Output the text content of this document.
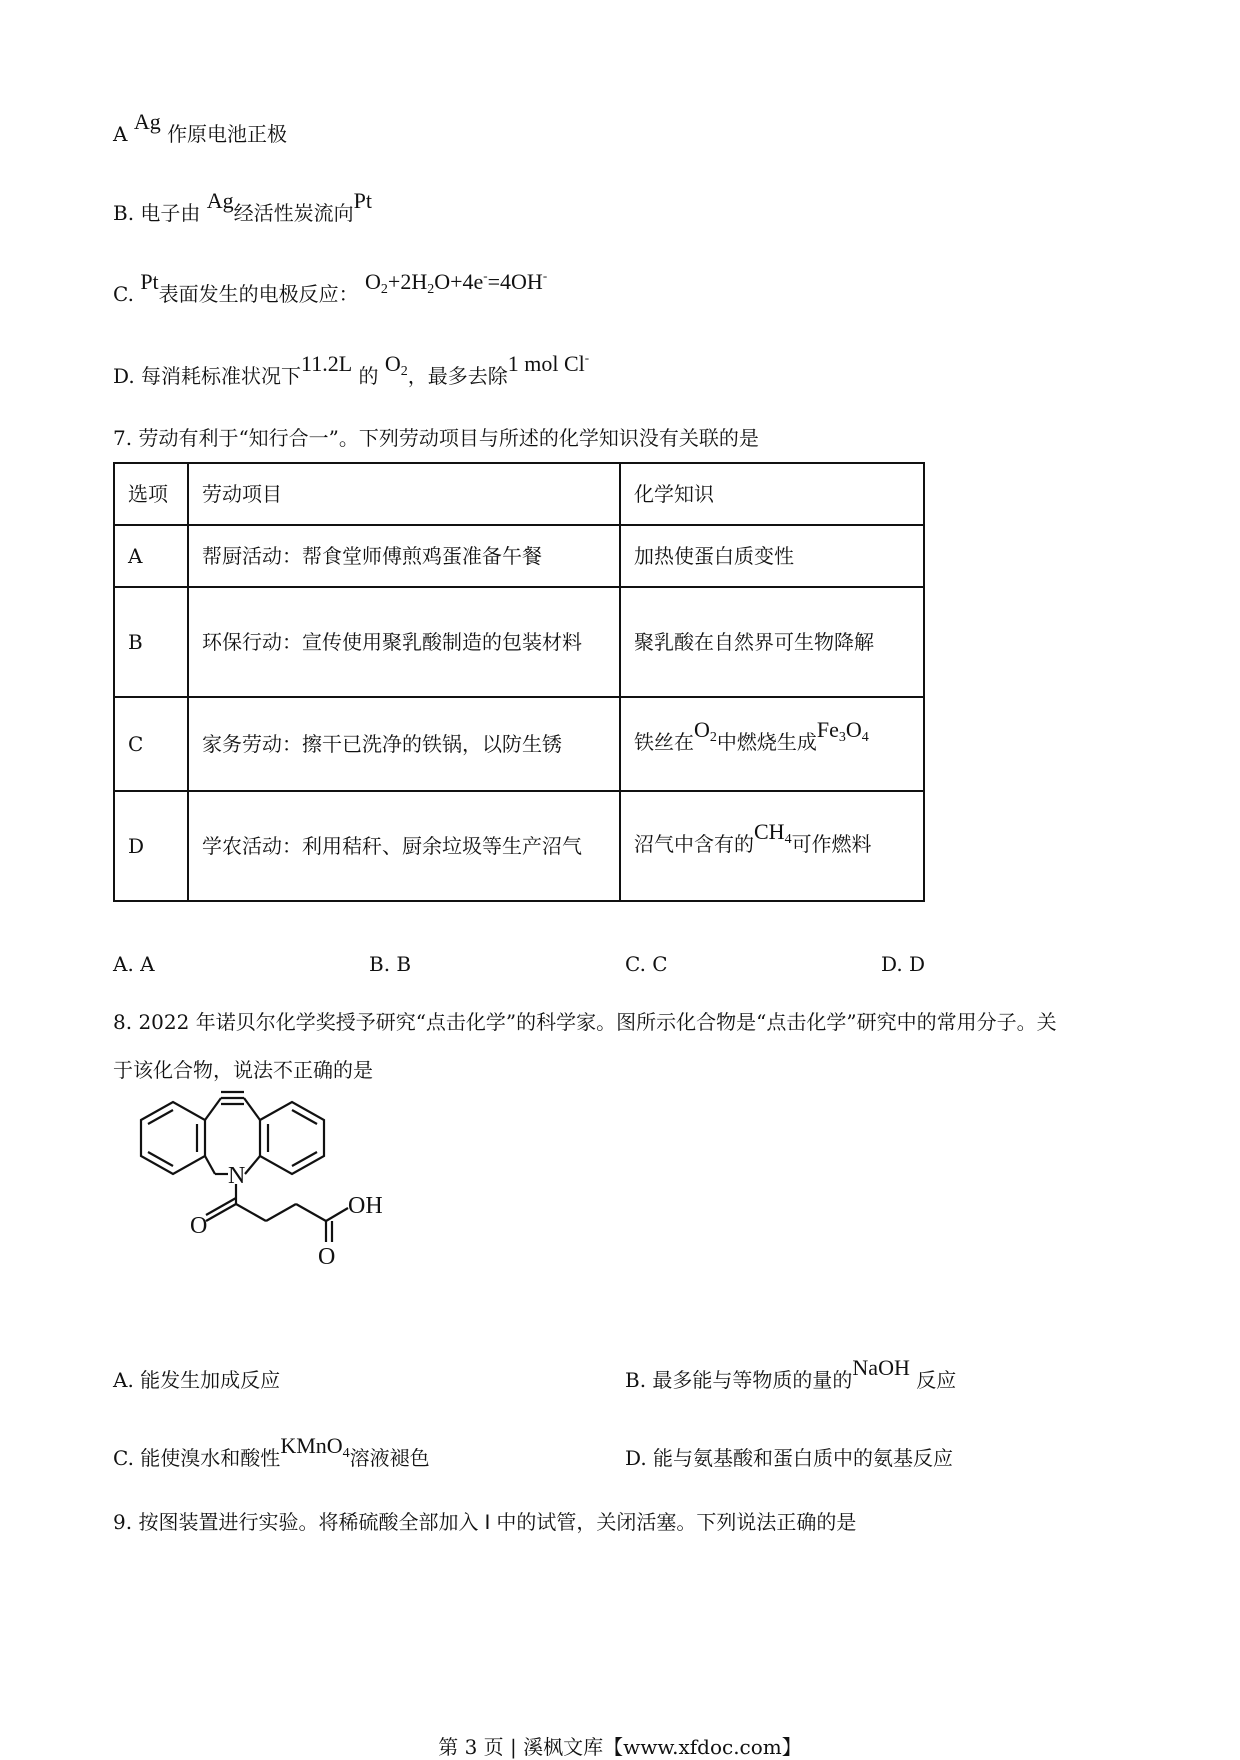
A Ag 作原电池正极
B. 电子由 Ag经活性炭流向Pt
C. Pt表面发生的电极反应： O2+2H2O+4e-=4OH-
D. 每消耗标准状况下11.2L 的 O2，最多去除1 mol Cl-
7. 劳动有利于“知行合一”。下列劳动项目与所述的化学知识没有关联的是
选项	劳动项目	化学知识
A	帮厨活动：帮食堂师傅煎鸡蛋准备午餐	加热使蛋白质变性
B	环保行动：宣传使用聚乳酸制造的包装材料	聚乳酸在自然界可生物降解
C	家务劳动：擦干已洗净的铁锅，以防生锈	铁丝在O2中燃烧生成Fe3O4
D	学农活动：利用秸秆、厨余垃圾等生产沼气	沼气中含有的CH4可作燃料
A. A	B. B	C. C	D. D
8. 2022 年诺贝尔化学奖授予研究“点击化学”的科学家。图所示化合物是“点击化学”研究中的常用分子。关
于该化合物，说法不正确的是
N
O
OH
O
A. 能发生加成反应	B. 最多能与等物质的量的NaOH 反应
C. 能使溴水和酸性KMnO4溶液褪色	D. 能与氨基酸和蛋白质中的氨基反应
9. 按图装置进行实验。将稀硫酸全部加入 Ⅰ 中的试管，关闭活塞。下列说法正确的是
第 3 页 | 溪枫文库【www.xfdoc.com】
